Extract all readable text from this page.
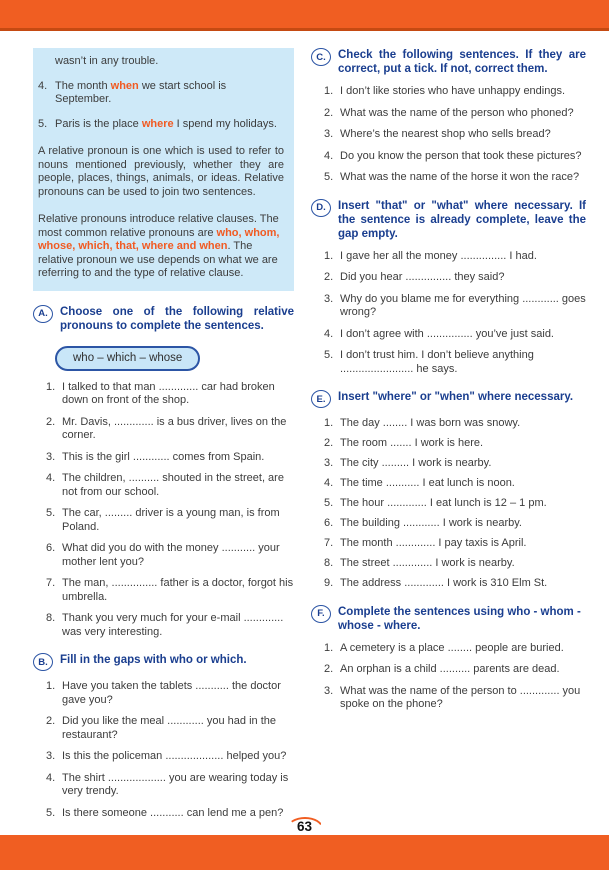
wasn’t in any trouble.

4. The month when we start school is September.
5. Paris is the place where I spend my holidays.

A relative pronoun is one which is used to refer to nouns mentioned previously, whether they are people, places, things, animals, or ideas. Relative pronouns can be used to join two sentences.

Relative pronouns introduce relative clauses. The most common relative pronouns are who, whom, whose, which, that, where and when. The relative pronoun we use depends on what we are referring to and the type of relative clause.

A.	Choose one of the following relative pronouns to complete the sentences.
who – which – whose
1. I talked to that man ............. car had broken down on front of the shop.
2. Mr. Davis, ............. is a bus driver, lives on the corner.
3. This is the girl ............ comes from Spain.
4. The children, .......... shouted in the street, are not from our school.
5. The car, ......... driver is a young man, is from Poland.
6. What did you do with the money ........... your mother lent you?
7. The man, ............... father is a doctor, forgot his umbrella.
8. Thank you very much for your e-mail ............. was very interesting.
B.	Fill in the gaps with who or which.
1. Have you taken the tablets ........... the doctor gave you?
2. Did you like the meal ............ you had in the restaurant?
3. Is this the policeman ................... helped you?
4. The shirt ................... you are wearing today is very trendy.
5. Is there someone ........... can lend me a pen?
C.	Check the following sentences. If they are correct, put a tick. If not, correct them.
1. I don’t like stories who have unhappy endings.
2. What was the name of the person who phoned?
3. Where’s the nearest shop who sells bread?
4. Do you know the person that took these pictures?
5. What was the name of the horse it won the race?
D.	Insert "that" or "what" where necessary. If the sentence is already complete, leave the gap empty.
1. I gave her all the money ............... I had.
2. Did you hear ............... they said?
3. Why do you blame me for everything ............ goes wrong?
4. I don’t agree with ............... you’ve just said.
5. I don’t trust him. I don’t believe anything ........................ he says.
E.	Insert "where" or "when" where necessary.
1. The day ........ I was born was snowy.
2. The room ....... I work is here.
3. The city ......... I work is nearby.
4. The time ........... I eat lunch is noon.
5. The hour ............. I eat lunch is 12 – 1 pm.
6. The building ............ I work is nearby.
7. The month ............. I pay taxis is April.
8. The street ............. I work is nearby.
9. The address ............. I work is 310 Elm St.
F.	Complete the sentences using who - whom - whose - where.
1. A cemetery is a place ........ people are buried.
2. An orphan is a child .......... parents are dead.
3. What was the name of the person to ............. you spoke on the phone?
63
